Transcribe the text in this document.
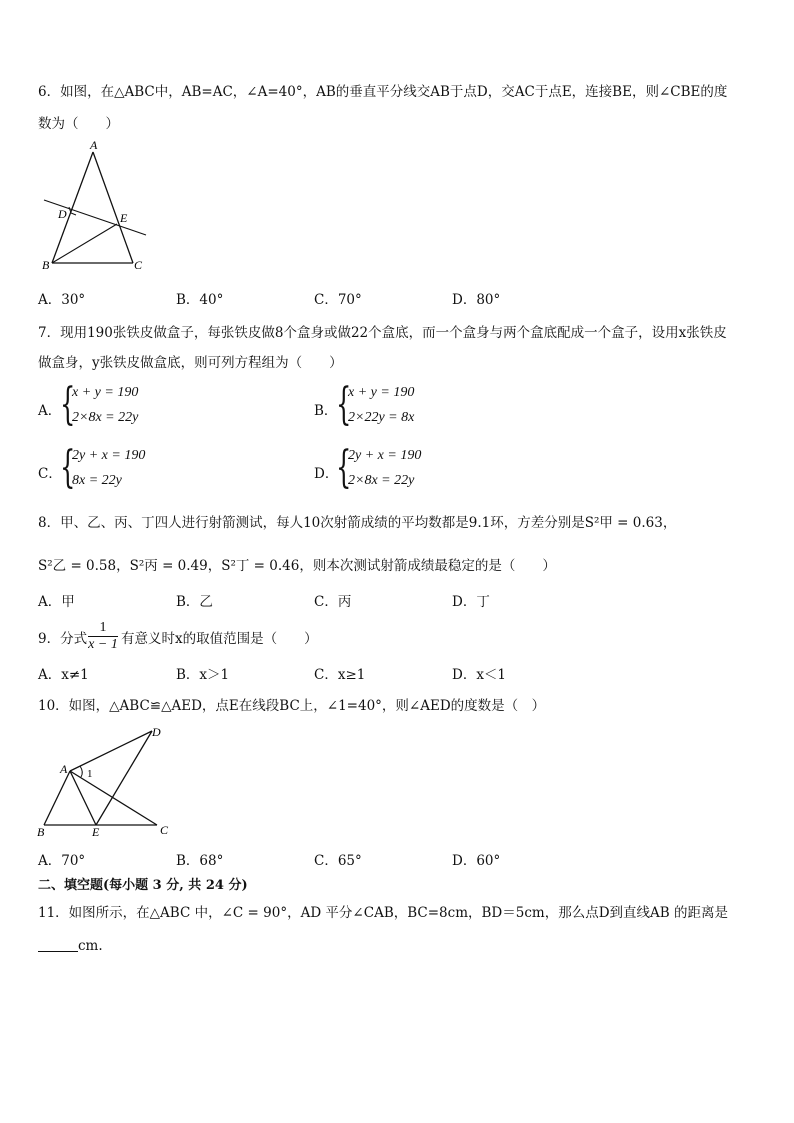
6．如图，在△ABC中，AB=AC，∠A=40°，AB的垂直平分线交AB于点D，交AC于点E，连接BE，则∠CBE的度
数为（　　）
A
D	E
B	C
A．30°	B．40°	C．70°	D．80°
7．现用190张铁皮做盒子，每张铁皮做8个盒身或做22个盒底，而一个盒身与两个盒底配成一个盒子，设用x张铁皮
做盒身，y张铁皮做盒底，则可列方程组为（　　）
A．
{
x + y = 190
2×8x = 22y	B．
{
x + y = 190
2×22y = 8x
C．
{
2y + x = 190
8x = 22y	D．
{
2y + x = 190
2×8x = 22y
8．甲、乙、丙、丁四人进行射箭测试，每人10次射箭成绩的平均数都是9.1环，方差分别是S²甲 = 0.63，
S²乙 = 0.58，S²丙 = 0.49，S²丁 = 0.46，则本次测试射箭成绩最稳定的是（　　）
A．甲	B．乙	C．丙	D．丁
9．分式 $\frac{1}{x - 1}$ 有意义时x的取值范围是（　　）
A．x≠1	B．x＞1	C．x≥1	D．x＜1
10．如图，△ABC≌△AED，点E在线段BC上，∠1=40°，则∠AED的度数是（　）
A 1
D
B	E	C
A．70°	B．68°	C．65°	D．60°
二、填空题(每小题 3 分, 共 24 分)
11．如图所示，在△ABC 中，∠C = 90°，AD 平分∠CAB，BC=8cm，BD＝5cm，那么点D到直线AB 的距离是
cm.
